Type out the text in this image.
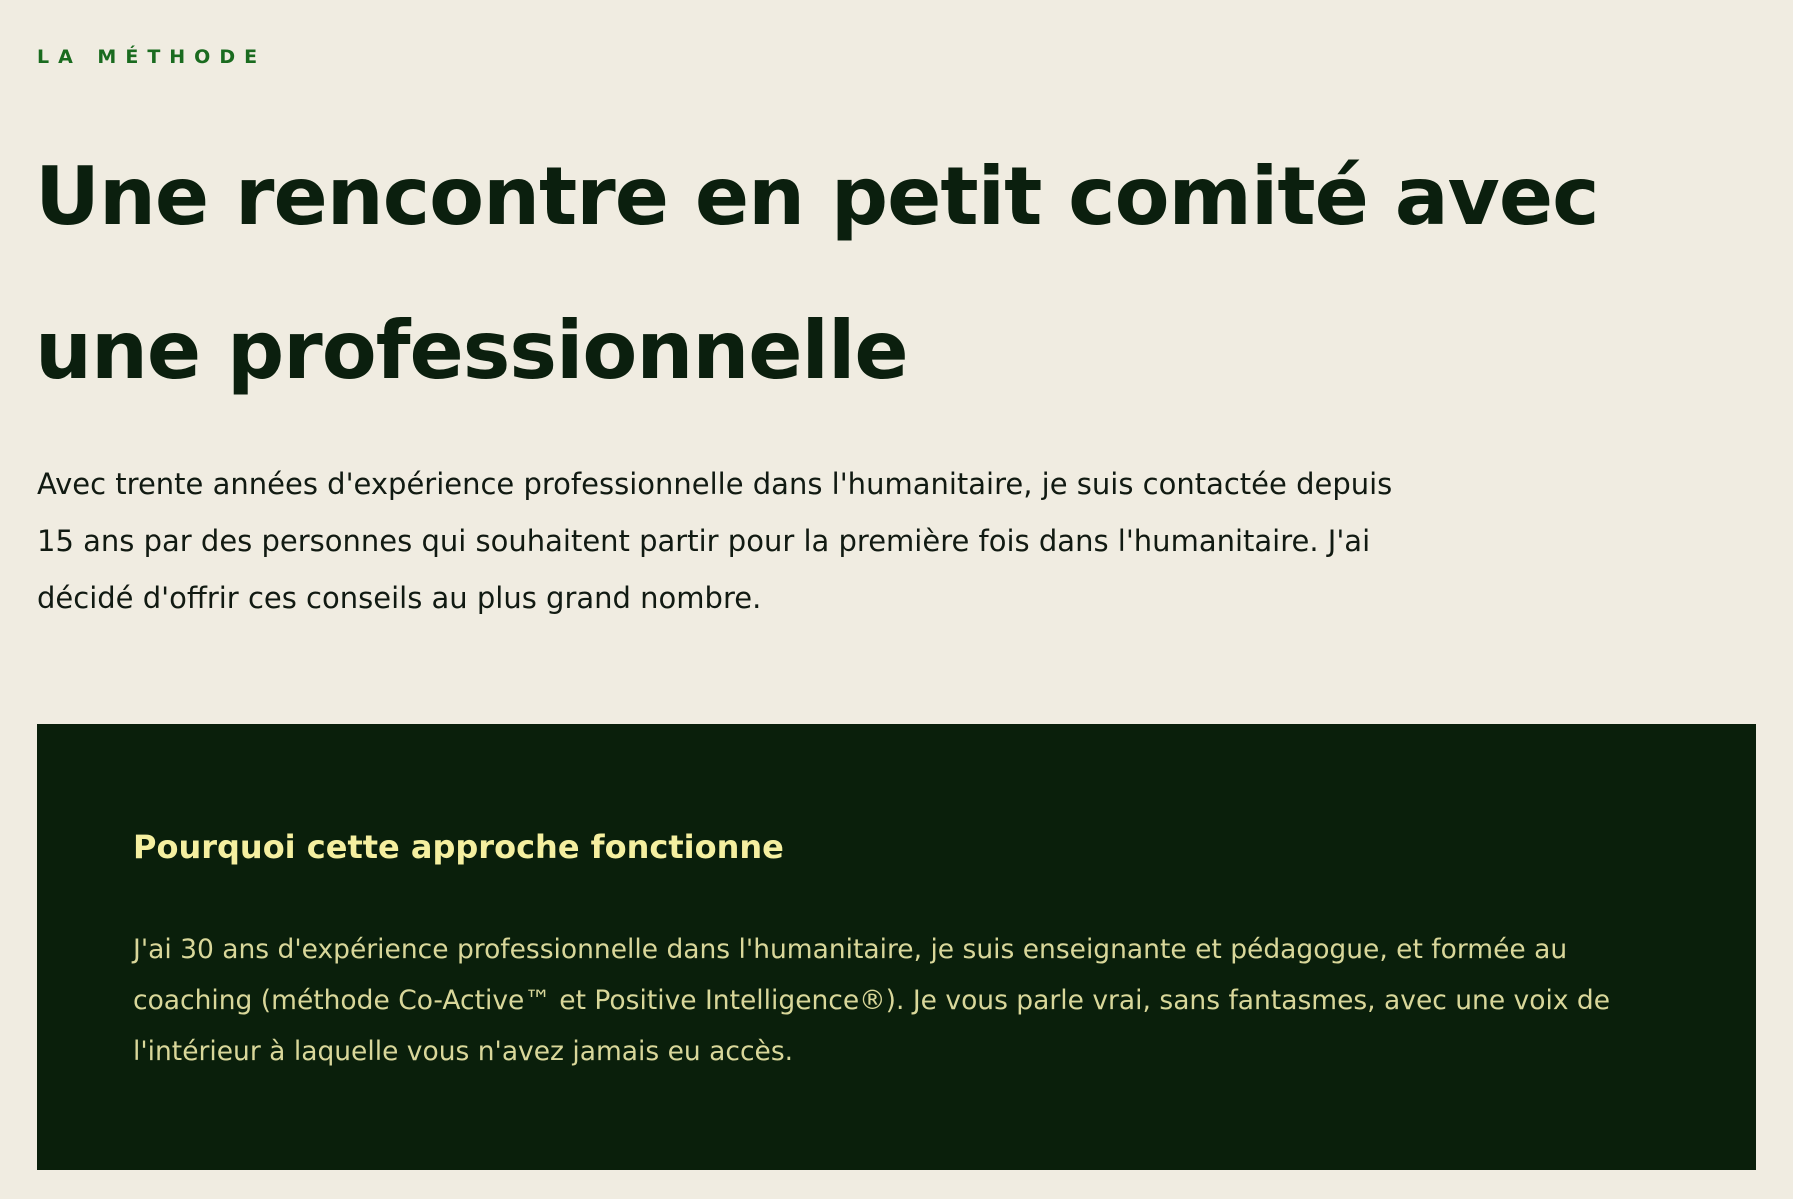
LA MÉTHODE
Une rencontre en petit comité avec une professionnelle

Avec trente années d'expérience professionnelle dans l'humanitaire, je suis contactée depuis 15 ans par des personnes qui souhaitent partir pour la première fois dans l'humanitaire. J'ai décidé d'offrir ces conseils au plus grand nombre.

Pourquoi cette approche fonctionne

J'ai 30 ans d'expérience professionnelle dans l'humanitaire, je suis enseignante et pédagogue, et formée au coaching (méthode Co-Active™ et Positive Intelligence®). Je vous parle vrai, sans fantasmes, avec une voix de l'intérieur à laquelle vous n'avez jamais eu accès.
